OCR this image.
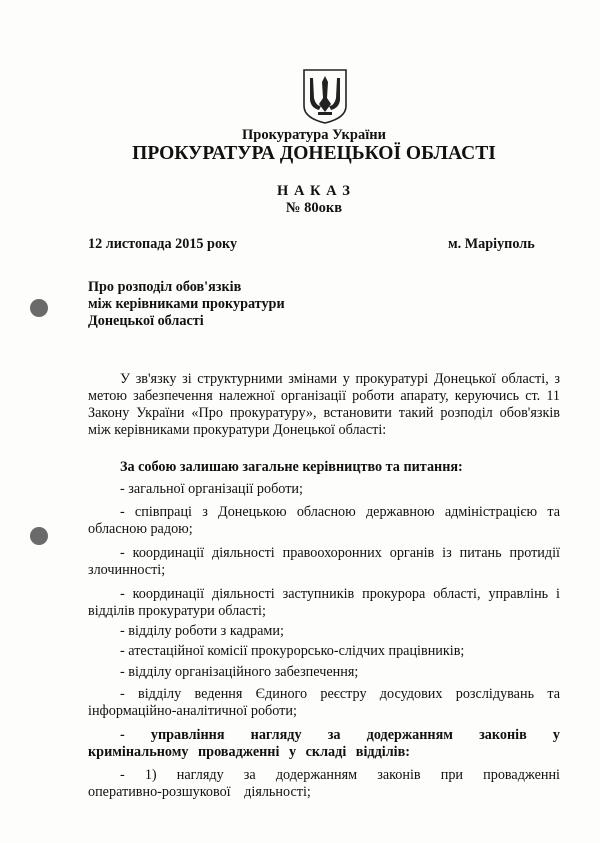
Прокуратура України
ПРОКУРАТУРА ДОНЕЦЬКОЇ ОБЛАСТІ
Н А К А З
№ 80окв
12 листопада 2015 року	м. Маріуполь
Про розподіл обов'язків
між керівниками прокуратури
Донецької області
У зв'язку зі структурними змінами у прокуратурі Донецької області, з метою забезпечення належної організації роботи апарату, керуючись ст. 11 Закону України «Про прокуратуру», встановити такий розподіл обов'язків між керівниками прокуратури Донецької області:
За собою залишаю загальне керівництво та питання:
- загальної організації роботи;
- співпраці з Донецькою обласною державною адміністрацією та обласною радою;
- координації діяльності правоохоронних органів із питань протидії злочинності;
- координації діяльності заступників прокурора області, управлінь і відділів прокуратури області;
- відділу роботи з кадрами;
- атестаційної комісії прокурорсько-слідчих працівників;
- відділу організаційного забезпечення;
- відділу ведення Єдиного реєстру досудових розслідувань та інформаційно-аналітичної роботи;
- управління нагляду за додержанням законів у кримінальному провадженні у складі відділів:
- 1) нагляду за додержанням законів при провадженні оперативно-розшукової діяльності;
